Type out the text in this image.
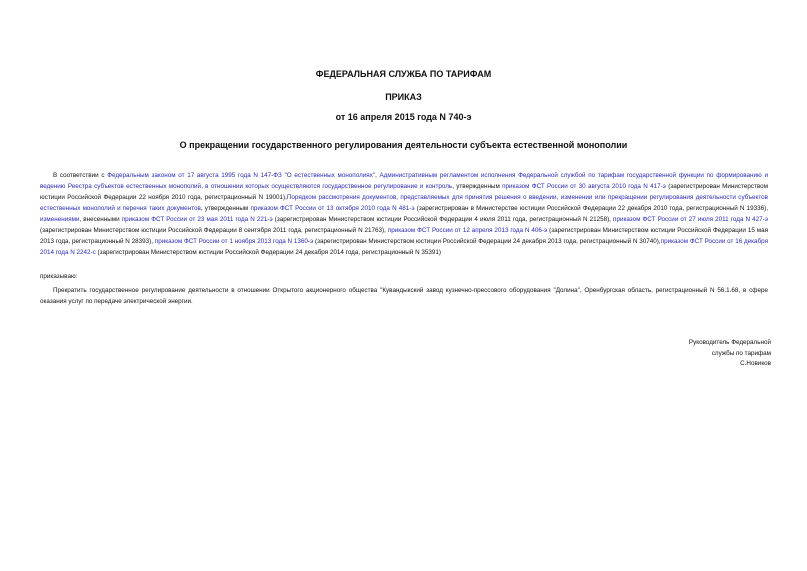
ФЕДЕРАЛЬНАЯ СЛУЖБА ПО ТАРИФАМ
ПРИКАЗ
от 16 апреля 2015 года N 740-э
О прекращении государственного регулирования деятельности субъекта естественной монополии

В соответствии с Федеральным законом от 17 августа 1995 года N 147-ФЗ "О естественных монополиях", Административным регламентом исполнения Федеральной службой по тарифам государственной функции по формированию и ведению Реестра субъектов естественных монополий, в отношении которых осуществляются государственное регулирование и контроль, утвержденным приказом ФСТ России от 30 августа 2010 года N 417-э (зарегистрирован Министерством юстиции Российской Федерации 22 ноября 2010 года, регистрационный N 19001),Порядком рассмотрения документов, представляемых для принятия решения о введении, изменении или прекращении регулирования деятельности субъектов естественных монополий и перечня таких документов, утвержденным приказом ФСТ России от 13 октября 2010 года N 481-э (зарегистрирован в Министерстве юстиции Российской Федерации 22 декабря 2010 года, регистрационный N 19336), изменениями, внесенными приказом ФСТ России от 23 мая 2011 года N 221-э (зарегистрирован Министерством юстиции Российской Федерации 4 июля 2011 года, регистрационный N 21258), приказом ФСТ России от 27 июля 2011 года N 427-э (зарегистрирован Министерством юстиции Российской Федерации 8 сентября 2011 года, регистрационный N 21763), приказом ФСТ России от 12 апреля 2013 года N 406-э (зарегистрирован Министерством юстиции Российской Федерации 15 мая 2013 года, регистрационный N 28393), приказом ФСТ России от 1 ноября 2013 года N 1360-э (зарегистрирован Министерством юстиции Российской Федерации 24 декабря 2013 года, регистрационный N 30740),приказом ФСТ России от 16 декабря 2014 года N 2242-с (зарегистрирован Министерством юстиции Российской Федерации 24 декабря 2014 года, регистрационный N 35391)

приказываю:

Прекратить государственное регулирование деятельности в отношении Открытого акционерного общества "Кувандыкский завод кузнечно-прессового оборудования "Долина", Оренбургская область, регистрационный N 56.1.68, в сфере оказания услуг по передаче электрической энергии.

Руководитель Федеральной
службы по тарифам
С.Новиков
